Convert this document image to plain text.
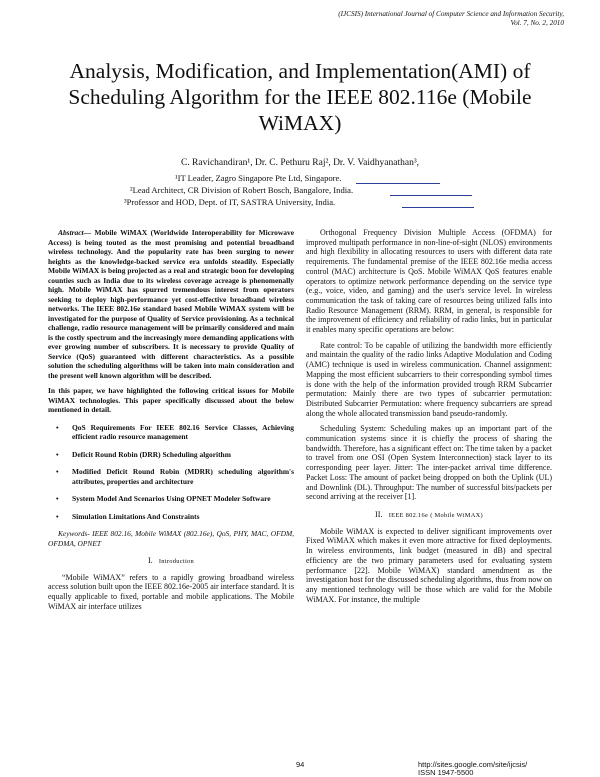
(IJCSIS) International Journal of Computer Science and Information Security,
Vol. 7, No. 2, 2010
Analysis, Modification, and Implementation(AMI) of
Scheduling Algorithm for the IEEE 802.116e (Mobile
WiMAX)
C. Ravichandiran¹, Dr. C. Pethuru Raj², Dr. V. Vaidhyanathan³,
¹IT Leader, Zagro Singapore Pte Ltd, Singapore.
²Lead Architect, CR Division of Robert Bosch, Bangalore, India.
³Professor and HOD, Dept. of IT, SASTRA University, India.

Abstract— Mobile WiMAX (Worldwide Interoperability for Microwave Access) is being touted as the most promising and potential broadband wireless technology. And the popularity rate has been surging to newer heights as the knowledge-backed service era unfolds steadily. Especially Mobile WiMAX is being projected as a real and strategic boon for developing counties such as India due to its wireless coverage acreage is phenomenally high. Mobile WiMAX has spurred tremendous interest from operators seeking to deploy high-performance yet cost-effective broadband wireless networks. The IEEE 802.16e standard based Mobile WiMAX system will be investigated for the purpose of Quality of Service provisioning. As a technical challenge, radio resource management will be primarily considered and main is the costly spectrum and the increasingly more demanding applications with ever growing number of subscribers. It is necessary to provide Quality of Service (QoS) guaranteed with different characteristics. As a possible solution the scheduling algorithms will be taken into main consideration and the present well known algorithm will be described.

In this paper, we have highlighted the following critical issues for Mobile WiMAX technologies. This paper specifically discussed about the below mentioned in detail.

• QoS Requirements For IEEE 802.16 Service Classes, Achieving efficient radio resource management
• Deficit Round Robin (DRR) Scheduling algorithm
• Modified Deficit Round Robin (MDRR) scheduling algorithm's attributes, properties and architecture
• System Model And Scenarios Using OPNET Modeler Software
• Simulation Limitations And Constraints

Keywords- IEEE 802.16, Mobile WiMAX (802.16e), QoS, PHY, MAC, OFDM, OFDMA, OPNET

I. Introduction

“Mobile WiMAX” refers to a rapidly growing broadband wireless access solution built upon the IEEE 802.16e-2005 air interface standard. It is equally applicable to fixed, portable and mobile applications. The Mobile WiMAX air interface utilizes

Orthogonal Frequency Division Multiple Access (OFDMA) for improved multipath performance in non-line-of-sight (NLOS) environments and high flexibility in allocating resources to users with different data rate requirements. The fundamental premise of the IEEE 802.16e media access control (MAC) architecture is QoS. Mobile WiMAX QoS features enable operators to optimize network performance depending on the service type (e.g., voice, video, and gaming) and the user's service level. In wireless communication the task of taking care of resources being utilized falls into Radio Resource Management (RRM). RRM, in general, is responsible for the improvement of efficiency and reliability of radio links, but in particular it enables many specific operations are below:

Rate control: To be capable of utilizing the bandwidth more efficiently and maintain the quality of the radio links Adaptive Modulation and Coding (AMC) technique is used in wireless communication. Channel assignment: Mapping the most efficient subcarriers to their corresponding symbol times is done with the help of the information provided trough RRM Subcarrier permutation: Mainly there are two types of subcarrier permutation: Distributed Subcarrier Permutation: where frequency subcarriers are spread along the whole allocated transmission band pseudo-randomly.

Scheduling System: Scheduling makes up an important part of the communication systems since it is chiefly the process of sharing the bandwidth. Therefore, has a significant effect on: The time taken by a packet to travel from one OSI (Open System Interconnection) stack layer to its corresponding peer layer. Jitter: The inter-packet arrival time difference. Packet Loss: The amount of packet being dropped on both the Uplink (UL) and Downlink (DL). Throughput: The number of successful bits/packets per second arriving at the receiver [1].

II. IEEE 802.16e ( Mobile WiMAX)

Mobile WiMAX is expected to deliver significant improvements over Fixed WiMAX which makes it even more attractive for fixed deployments. In wireless environments, link budget (measured in dB) and spectral efficiency are the two primary parameters used for evaluating system performance [22]. Mobile WiMAX) standard amendment as the investigation host for the discussed scheduling algorithms, thus from now on any mentioned technology will be those which are valid for the Mobile WiMAX. For instance, the multiple

94	http://sites.google.com/site/ijcsis/
ISSN 1947-5500
